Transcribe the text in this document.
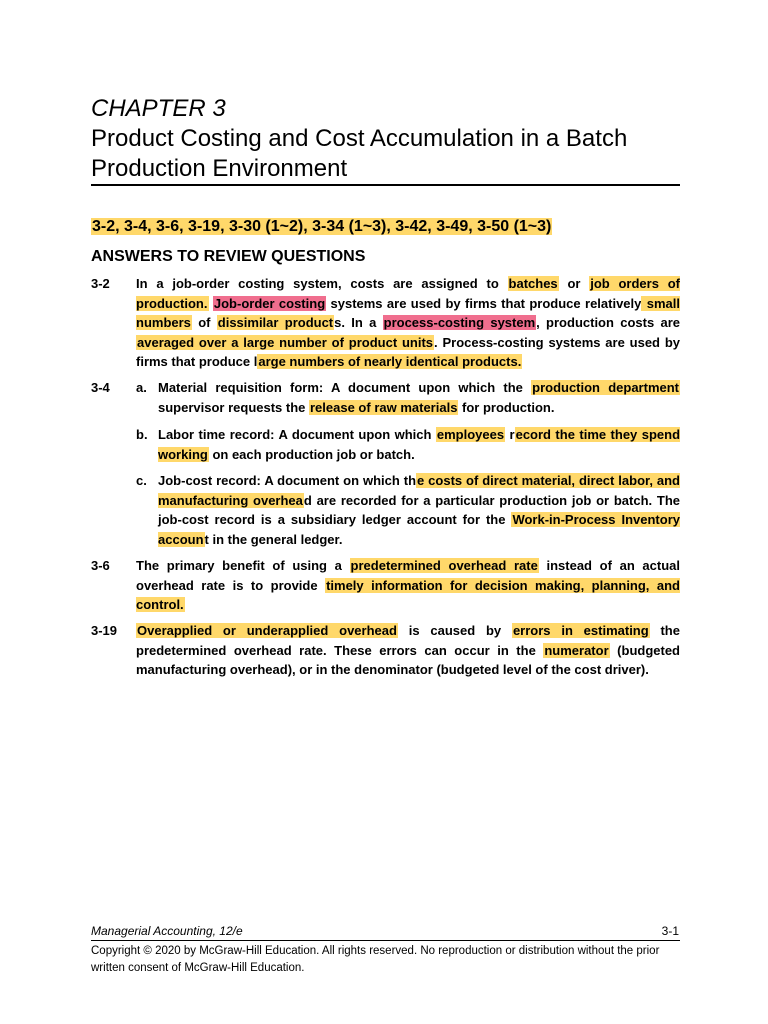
CHAPTER 3
Product Costing and Cost Accumulation in a Batch Production Environment
3-2, 3-4, 3-6, 3-19, 3-30 (1~2), 3-34 (1~3), 3-42, 3-49, 3-50 (1~3)
ANSWERS TO REVIEW QUESTIONS
3-2 In a job-order costing system, costs are assigned to batches or job orders of production. Job-order costing systems are used by firms that produce relatively small numbers of dissimilar products. In a process-costing system, production costs are averaged over a large number of product units. Process-costing systems are used by firms that produce large numbers of nearly identical products.
3-4 a. Material requisition form: A document upon which the production department supervisor requests the release of raw materials for production.
b. Labor time record: A document upon which employees record the time they spend working on each production job or batch.
c. Job-cost record: A document on which the costs of direct material, direct labor, and manufacturing overhead are recorded for a particular production job or batch. The job-cost record is a subsidiary ledger account for the Work-in-Process Inventory account in the general ledger.
3-6 The primary benefit of using a predetermined overhead rate instead of an actual overhead rate is to provide timely information for decision making, planning, and control.
3-19 Overapplied or underapplied overhead is caused by errors in estimating the predetermined overhead rate. These errors can occur in the numerator (budgeted manufacturing overhead), or in the denominator (budgeted level of the cost driver).
Managerial Accounting, 12/e	3-1
Copyright © 2020 by McGraw-Hill Education. All rights reserved. No reproduction or distribution without the prior written consent of McGraw-Hill Education.
